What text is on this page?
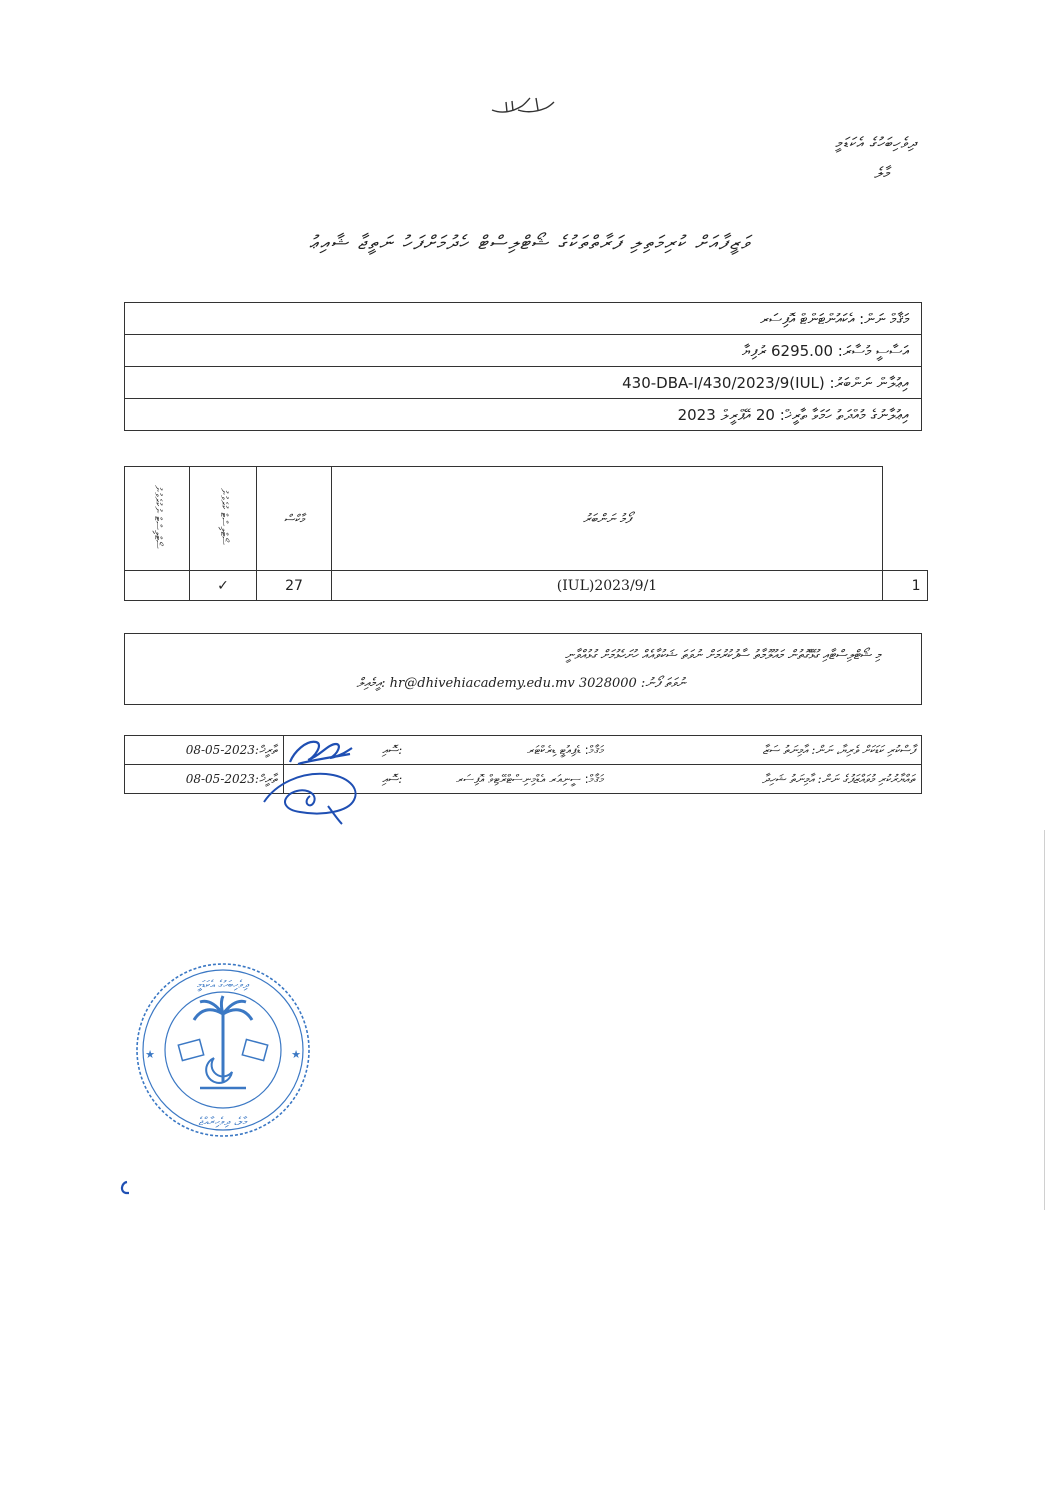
ދިވެހިބަހުގެ އެކަޑަމީ
މާލެ
ވަޒީފާއަށް ކުރިމަތިލި ފަރާތްތަކުގެ ޝޯޓްލިސްޓް ހެދުމަށްފަހު ނަތީޖާ ޝާއިޢު
މަޤާމް ނަން: އެކައުންޓަންޓް އޮފިސަރ
އަސާސީ މުސާރަ: 6295.00 ރުފިޔާ
އިޢުލާން ނަންބަރު: (IUL)430-DBA-I/430/2023/9
އިޢުލާނުގެ މުއްދަތު ހަމަވާ ތާރީޚް: 20 އޭޕްރީލް 2023
ޝޯޓްލިސްޓް ނުކުރެވުނު	ޝޯޓްލިސްޓް ކުރެވުނު	މާކްސް	ފޯމު ނަންބަރު	
	✓	27	(IUL)2023/9/1	1
މި ޝޯޓްލިސްޓާއި ގުޅޭގޮތުން މައުލޫމާތު ސާފުކުރުމަށް ނުވަތަ ޝަކުވާއެއް ހުށަހެޅުމަށް ގުޅުއްވާނީ
އީމެއިލް: hr@dhivehiacademy.edu.mv ނުވަތަ ފޯނު: 3028000
ތާރީޚް:2023-05-08	ސޮއި:	މަޤާމް: ޑެޕިއުޓީ ޑިރެކްޓަރ	ފާސްކުރި ކަޑަކަށް ވެރިޔާ، ނަން: އާމިނަތު ސަޒާ

ތާރީޚް:2023-05-08	ސޮއި:	މަޤާމް: ސީނިއަރ އެޑްމިނިސްޓްރޭޓިވް އޮފިސަރ	ތައްޔާރުކުރި މުވައްޒަފުގެ ނަން: އާމިނަތު ޝަހިދާ
ދިވެހިބަހުގެ އެކަޑަމީ
މާލެ، ދިވެހިރާއްޖެ
★	★
